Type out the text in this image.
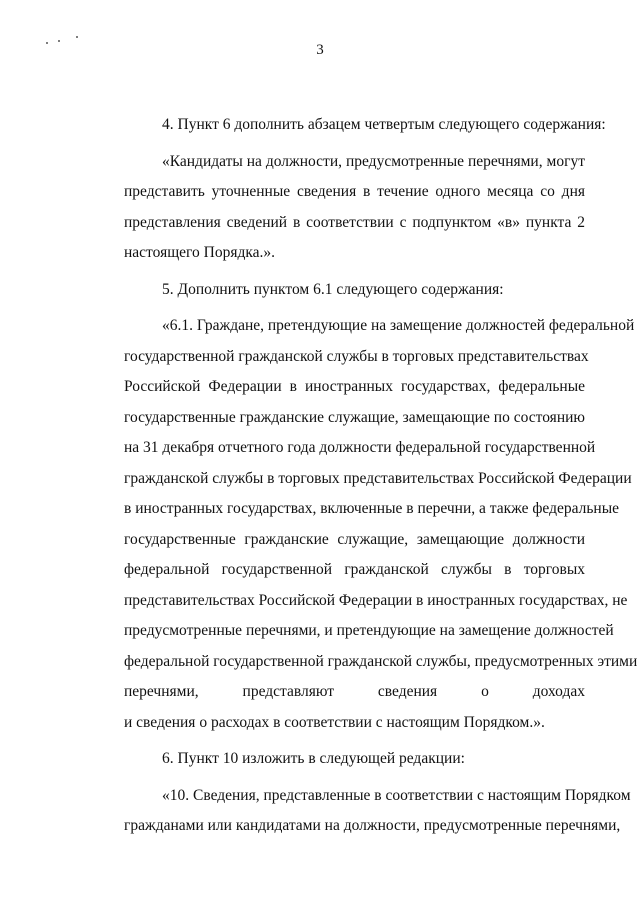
3
4. Пункт 6 дополнить абзацем четвертым следующего содержания:
«Кандидаты на должности, предусмотренные перечнями, могут
представить уточненные сведения в течение одного месяца со дня
представления сведений в соответствии с подпунктом «в» пункта 2
настоящего Порядка.».
5. Дополнить пунктом 6.1 следующего содержания:
«6.1. Граждане, претендующие на замещение должностей федеральной
государственной гражданской службы в торговых представительствах
Российской Федерации в иностранных государствах, федеральные
государственные гражданские служащие, замещающие по состоянию
на 31 декабря отчетного года должности федеральной государственной
гражданской службы в торговых представительствах Российской Федерации
в иностранных государствах, включенные в перечни, а также федеральные
государственные гражданские служащие, замещающие должности
федеральной государственной гражданской службы в торговых
представительствах Российской Федерации в иностранных государствах, не
предусмотренные перечнями, и претендующие на замещение должностей
федеральной государственной гражданской службы, предусмотренных этими
перечнями, представляют сведения о доходах
и сведения о расходах в соответствии с настоящим Порядком.».
6. Пункт 10 изложить в следующей редакции:
«10. Сведения, представленные в соответствии с настоящим Порядком
гражданами или кандидатами на должности, предусмотренные перечнями,
